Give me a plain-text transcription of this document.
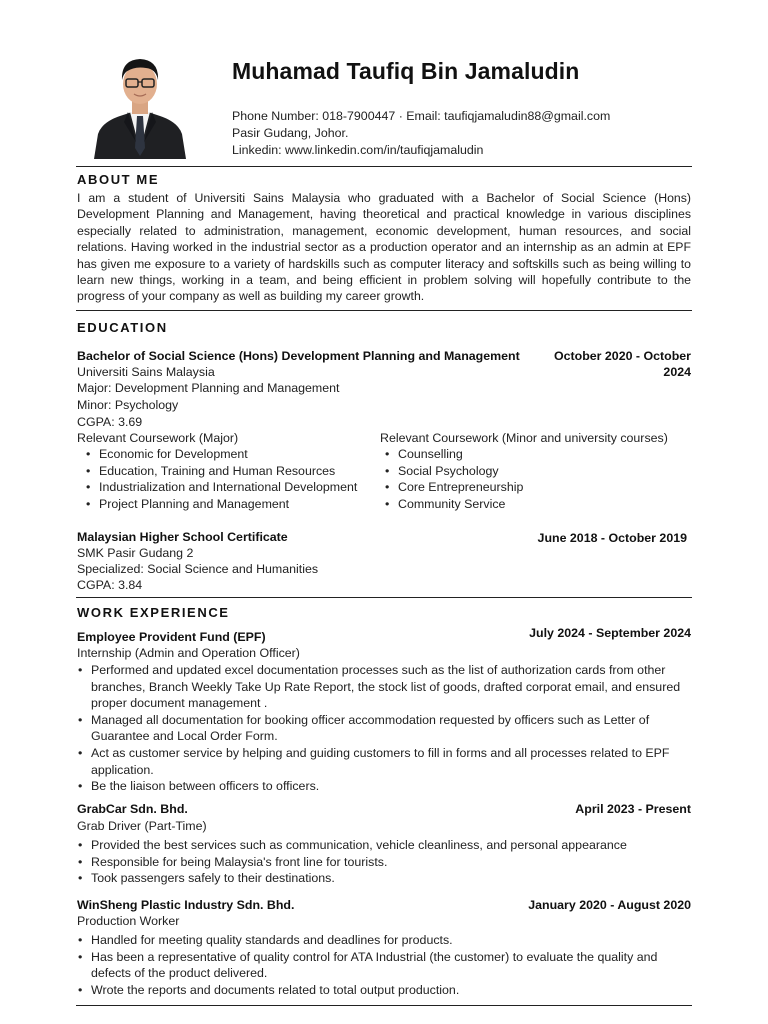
Muhamad Taufiq Bin Jamaludin
Phone Number: 018-7900447 · Email: taufiqjamaludin88@gmail.com
Pasir Gudang, Johor.
Linkedin: www.linkedin.com/in/taufiqjamaludin
ABOUT ME

I am a student of Universiti Sains Malaysia who graduated with a Bachelor of Social Science (Hons) Development Planning and Management, having theoretical and practical knowledge in various disciplines especially related to administration, management, economic development, human resources, and social relations. Having worked in the industrial sector as a production operator and an internship as an admin at EPF has given me exposure to a variety of hardskills such as computer literacy and softskills such as being willing to learn new things, working in a team, and being efficient in problem solving will hopefully contribute to the progress of your company as well as building my career growth.

EDUCATION
Bachelor of Social Science (Hons) Development Planning and Management	October 2020 - October
2024
Universiti Sains Malaysia
Major: Development Planning and Management
Minor: Psychology
CGPA: 3.69
Relevant Coursework (Major)	Relevant Coursework (Minor and university courses)
• Economic for Development
• Education, Training and Human Resources
• Industrialization and International Development
• Project Planning and Management
• Counselling
• Social Psychology
• Core Entrepreneurship
• Community Service
Malaysian Higher School Certificate	June 2018 - October 2019
SMK Pasir Gudang 2
Specialized: Social Science and Humanities
CGPA: 3.84
WORK EXPERIENCE
Employee Provident Fund (EPF)	July 2024 - September 2024
Internship (Admin and Operation Officer)
• Performed and updated excel documentation processes such as the list of authorization cards from other branches, Branch Weekly Take Up Rate Report, the stock list of goods, drafted corporat email, and ensured proper document management .
• Managed all documentation for booking officer accommodation requested by officers such as Letter of Guarantee and Local Order Form.
• Act as customer service by helping and guiding customers to fill in forms and all processes related to EPF application.
• Be the liaison between officers to officers.
GrabCar Sdn. Bhd.	April 2023 - Present
Grab Driver (Part-Time)
• Provided the best services such as communication, vehicle cleanliness, and personal appearance
• Responsible for being Malaysia's front line for tourists.
• Took passengers safely to their destinations.
WinSheng Plastic Industry Sdn. Bhd.	January 2020 - August 2020
Production Worker
• Handled for meeting quality standards and deadlines for products.
• Has been a representative of quality control for ATA Industrial (the customer) to evaluate the quality and defects of the product delivered.
• Wrote the reports and documents related to total output production.
